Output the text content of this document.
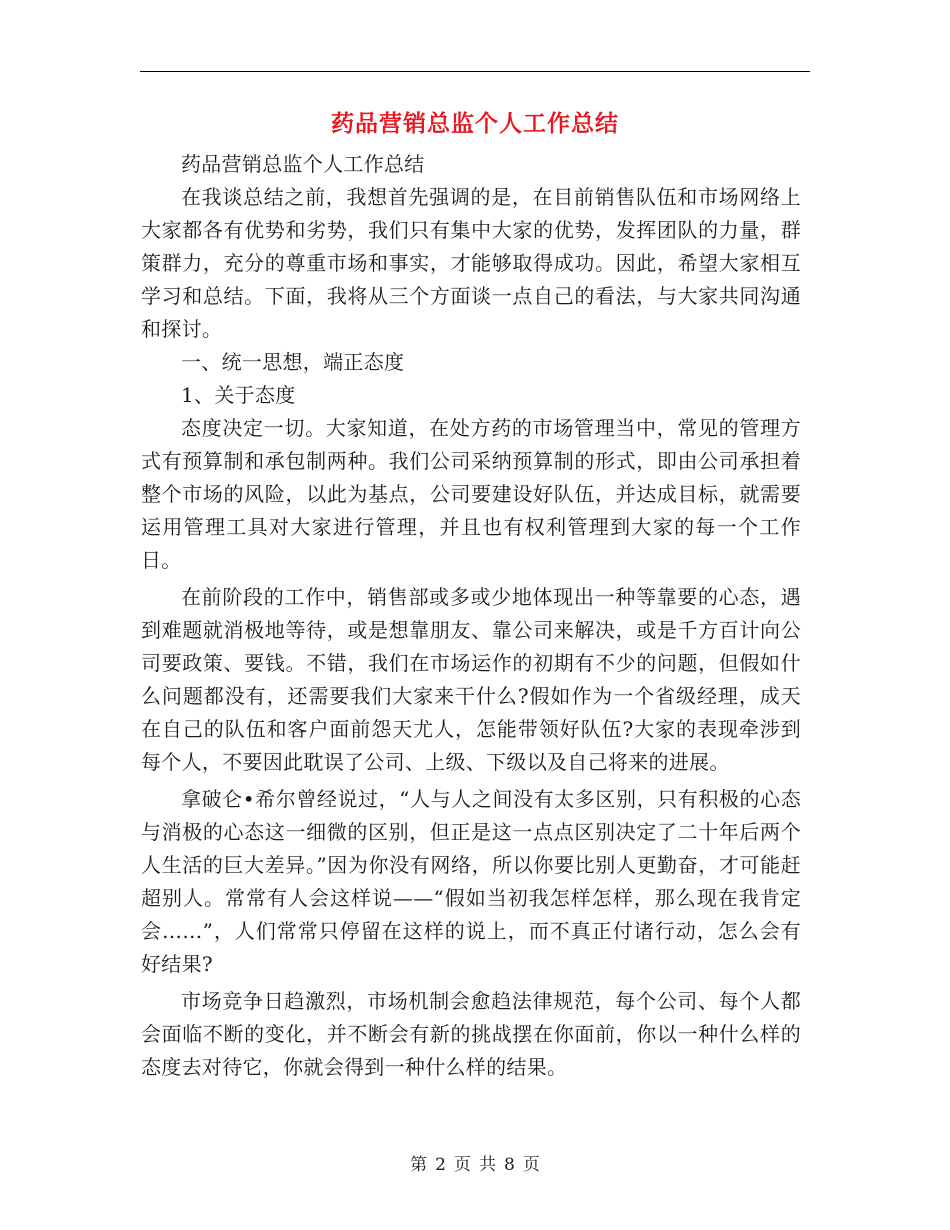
药品营销总监个人工作总结

药品营销总监个人工作总结

在我谈总结之前，我想首先强调的是，在目前销售队伍和市场网络上大家都各有优势和劣势，我们只有集中大家的优势，发挥团队的力量，群策群力，充分的尊重市场和事实，才能够取得成功。因此，希望大家相互学习和总结。下面，我将从三个方面谈一点自己的看法，与大家共同沟通和探讨。

一、统一思想，端正态度

1、关于态度

态度决定一切。大家知道，在处方药的市场管理当中，常见的管理方式有预算制和承包制两种。我们公司采纳预算制的形式，即由公司承担着整个市场的风险，以此为基点，公司要建设好队伍，并达成目标，就需要运用管理工具对大家进行管理，并且也有权利管理到大家的每一个工作日。

在前阶段的工作中，销售部或多或少地体现出一种等靠要的心态，遇到难题就消极地等待，或是想靠朋友、靠公司来解决，或是千方百计向公司要政策、要钱。不错，我们在市场运作的初期有不少的问题，但假如什么问题都没有，还需要我们大家来干什么?假如作为一个省级经理，成天在自己的队伍和客户面前怨天尤人，怎能带领好队伍?大家的表现牵涉到每个人，不要因此耽误了公司、上级、下级以及自己将来的进展。

拿破仑•希尔曾经说过，“人与人之间没有太多区别，只有积极的心态与消极的心态这一细微的区别，但正是这一点点区别决定了二十年后两个人生活的巨大差异。”因为你没有网络，所以你要比别人更勤奋，才可能赶超别人。常常有人会这样说——“假如当初我怎样怎样，那么现在我肯定会……”，人们常常只停留在这样的说上，而不真正付诸行动，怎么会有好结果?

市场竞争日趋激烈，市场机制会愈趋法律规范，每个公司、每个人都会面临不断的变化，并不断会有新的挑战摆在你面前，你以一种什么样的态度去对待它，你就会得到一种什么样的结果。

第 2 页 共 8 页
